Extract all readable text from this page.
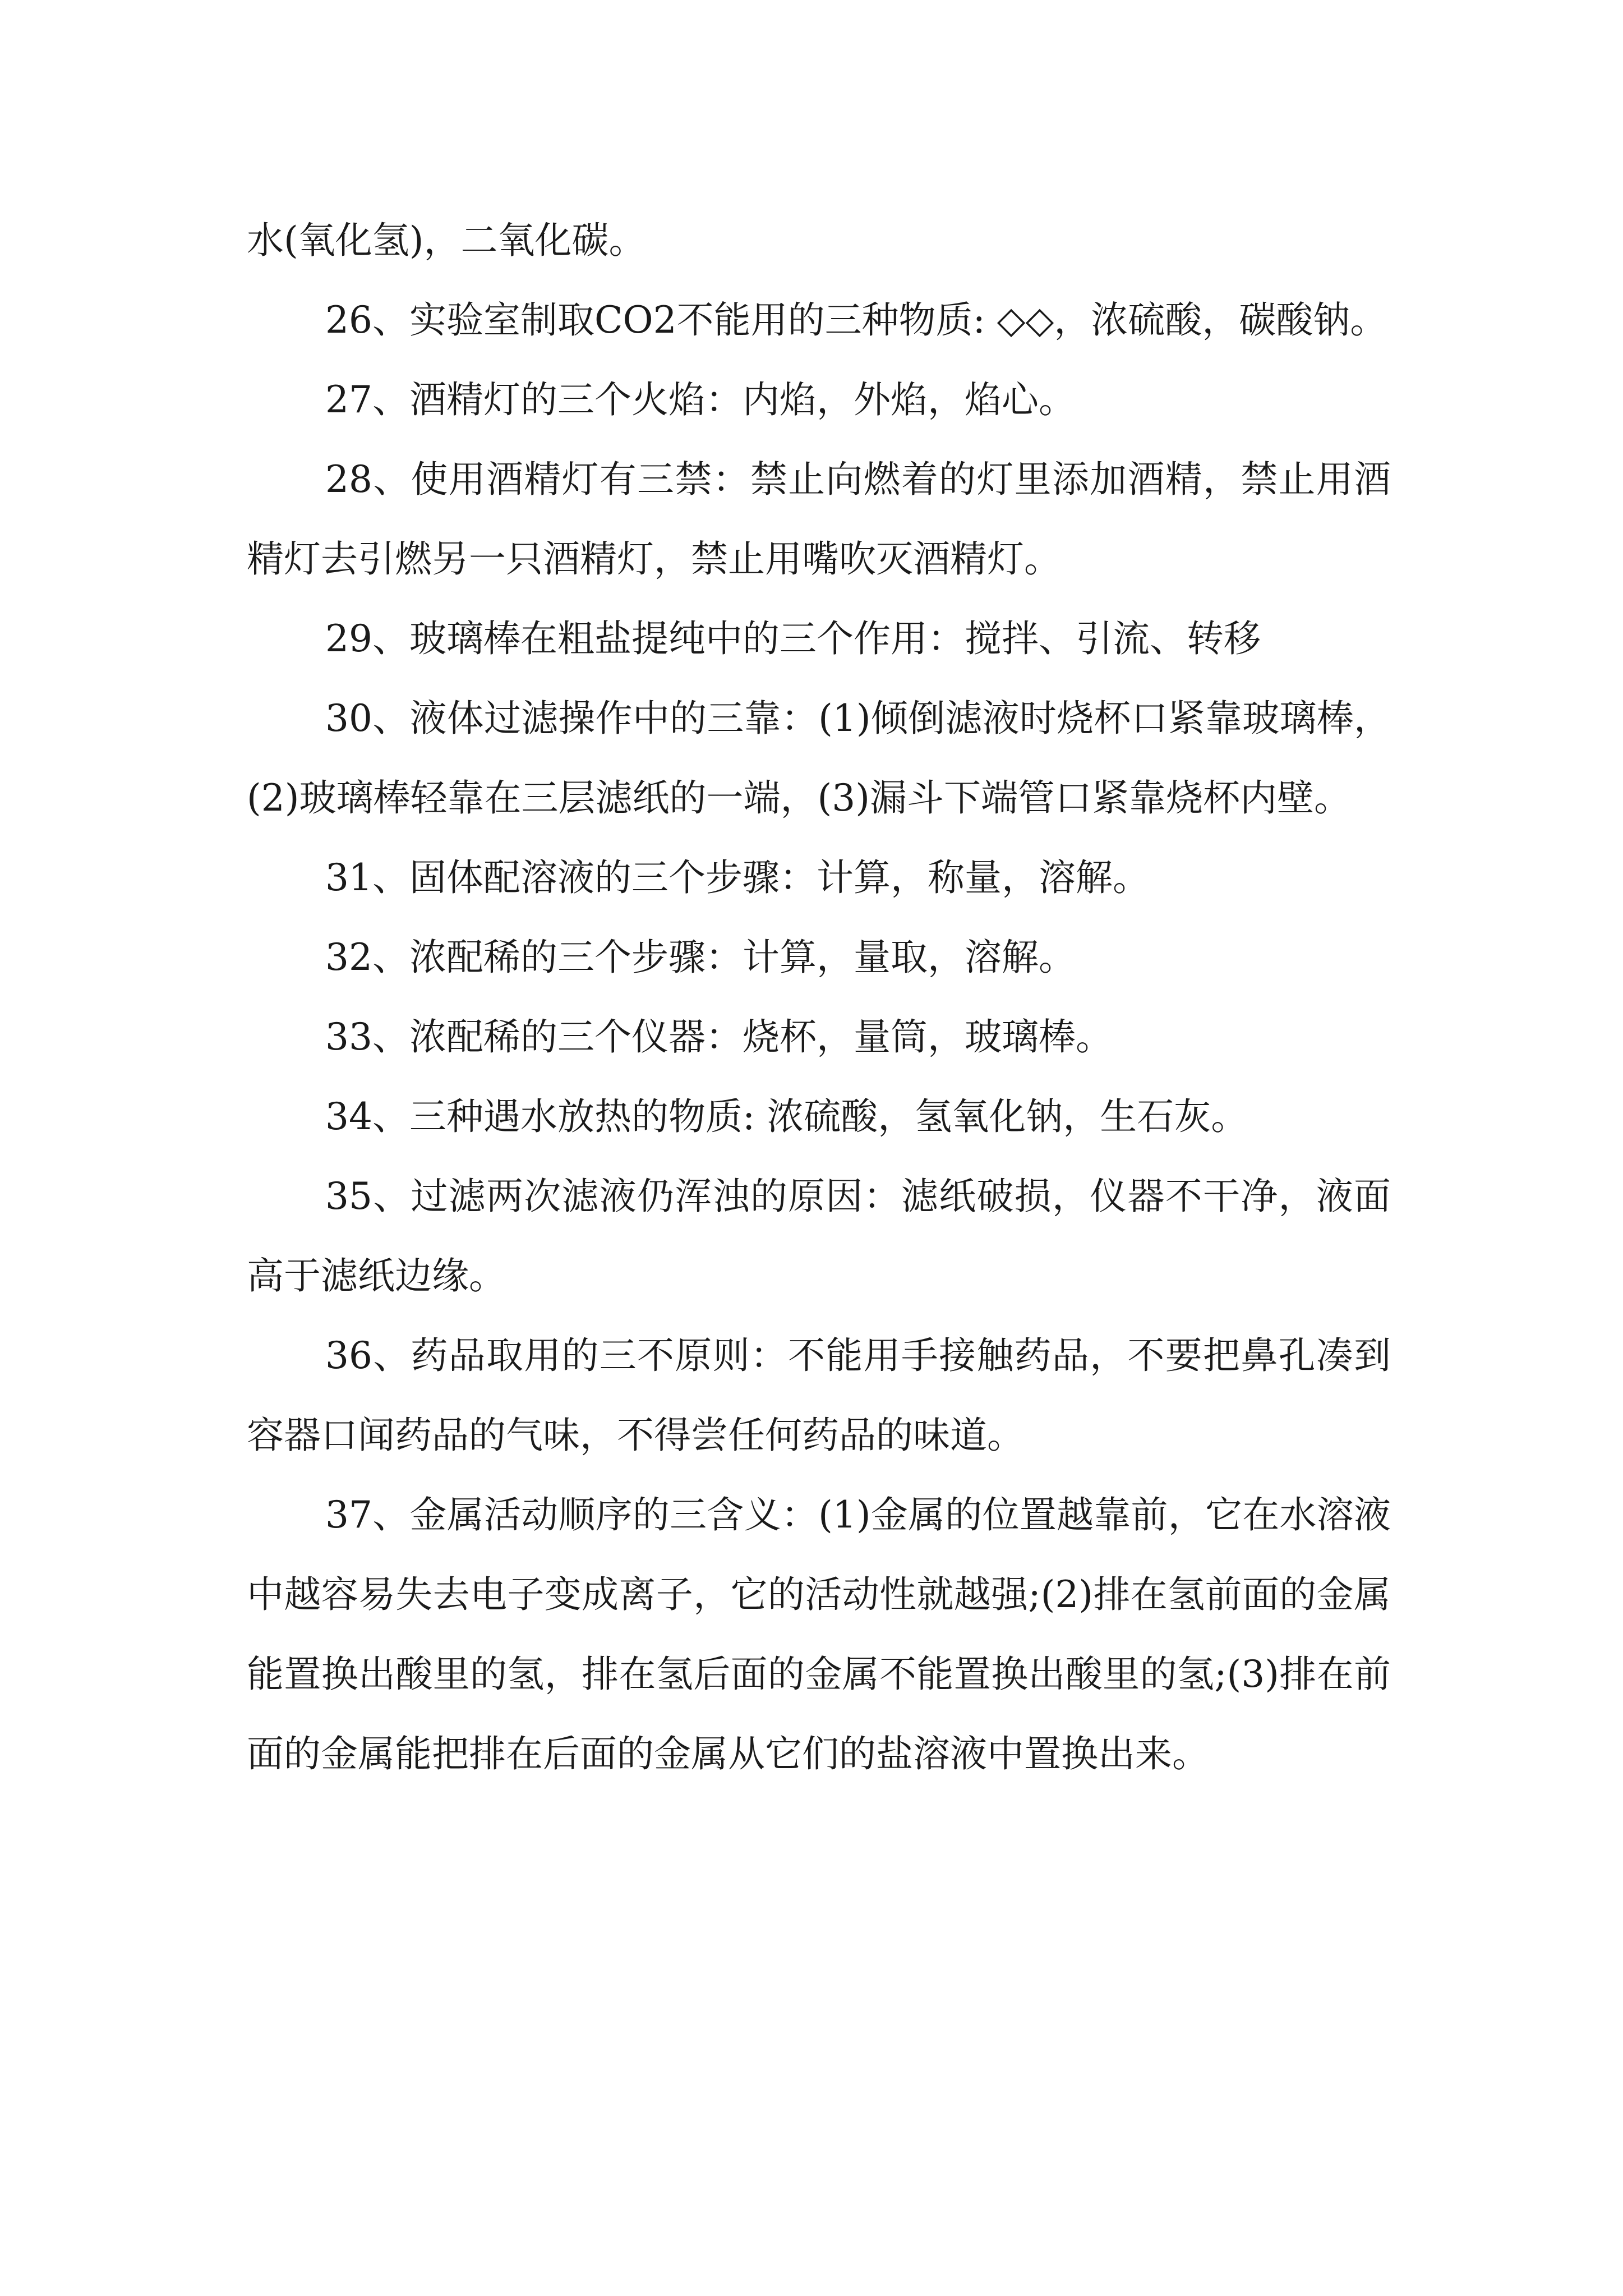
水(氧化氢)，二氧化碳。

26、实验室制取CO2不能用的三种物质: ◇◇，浓硫酸，碳酸钠。

27、酒精灯的三个火焰：内焰，外焰，焰心。

28、使用酒精灯有三禁：禁止向燃着的灯里添加酒精，禁止用酒精灯去引燃另一只酒精灯，禁止用嘴吹灭酒精灯。

29、玻璃棒在粗盐提纯中的三个作用：搅拌、引流、转移

30、液体过滤操作中的三靠：(1)倾倒滤液时烧杯口紧靠玻璃棒，(2)玻璃棒轻靠在三层滤纸的一端，(3)漏斗下端管口紧靠烧杯内壁。

31、固体配溶液的三个步骤：计算，称量，溶解。

32、浓配稀的三个步骤：计算，量取，溶解。

33、浓配稀的三个仪器：烧杯，量筒，玻璃棒。

34、三种遇水放热的物质: 浓硫酸，氢氧化钠，生石灰。

35、过滤两次滤液仍浑浊的原因：滤纸破损，仪器不干净，液面高于滤纸边缘。

36、药品取用的三不原则：不能用手接触药品，不要把鼻孔凑到容器口闻药品的气味，不得尝任何药品的味道。

37、金属活动顺序的三含义：(1)金属的位置越靠前，它在水溶液中越容易失去电子变成离子，它的活动性就越强;(2)排在氢前面的金属能置换出酸里的氢，排在氢后面的金属不能置换出酸里的氢;(3)排在前面的金属能把排在后面的金属从它们的盐溶液中置换出来。
